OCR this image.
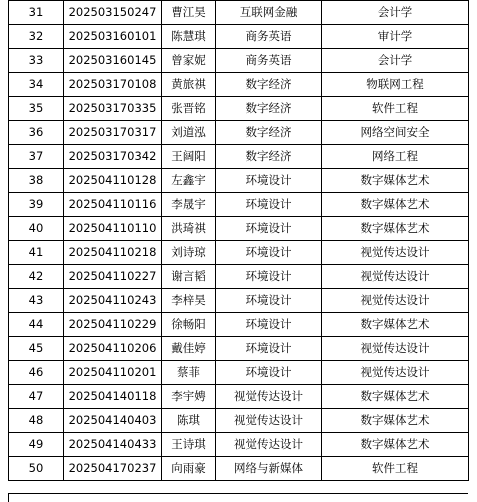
31	202503150247	曹江昊	互联网金融	会计学
32	202503160101	陈慧琪	商务英语	审计学
33	202503160145	曾家妮	商务英语	会计学
34	202503170108	黄旅祺	数字经济	物联网工程
35	202503170335	张晋铭	数字经济	软件工程
36	202503170317	刘道泓	数字经济	网络空间安全
37	202503170342	王阔阳	数字经济	网络工程
38	202504110128	左鑫宇	环境设计	数字媒体艺术
39	202504110116	李晟宇	环境设计	数字媒体艺术
40	202504110110	洪琦祺	环境设计	数字媒体艺术
41	202504110218	刘诗琼	环境设计	视觉传达设计
42	202504110227	谢言韬	环境设计	视觉传达设计
43	202504110243	李梓昊	环境设计	视觉传达设计
44	202504110229	徐畅阳	环境设计	数字媒体艺术
45	202504110206	戴佳婷	环境设计	视觉传达设计
46	202504110201	蔡菲	环境设计	视觉传达设计
47	202504140118	李宇娉	视觉传达设计	数字媒体艺术
48	202504140403	陈琪	视觉传达设计	数字媒体艺术
49	202504140433	王诗琪	视觉传达设计	数字媒体艺术
50	202504170237	向雨豪	网络与新媒体	软件工程
